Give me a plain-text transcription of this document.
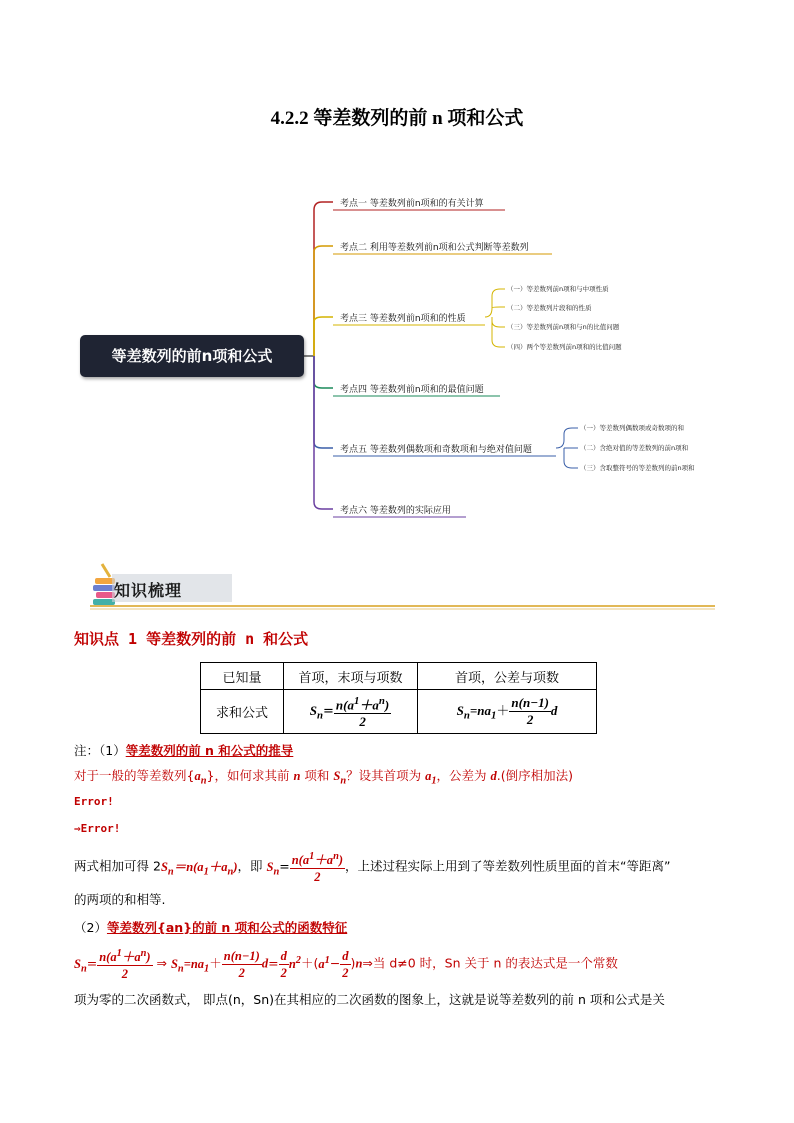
4.2.2 等差数列的前 n 项和公式
等差数列的前n项和公式
考点一 等差数列前n项和的有关计算
考点二 利用等差数列前n项和公式判断等差数列
考点三 等差数列前n项和的性质
考点四 等差数列前n项和的最值问题
考点五 等差数列偶数项和奇数项和与绝对值问题
考点六 等差数列的实际应用
（一）等差数列前n项和与中项性质
（二）等差数列片段和的性质
（三）等差数列前n项和与n的比值问题
（四）两个等差数列前n项和的比值问题
（一）等差数列偶数项或奇数项的和
（二）含绝对值的等差数列的前n项和
（三）含取整符号的等差数列的前n项和
知识梳理
知识点 1 等差数列的前 n 和公式
已知量	首项，末项与项数	首项，公差与项数
求和公式	$S_n= \frac{n(a^1+a^n)}{2}$	$S_n=na_1+ \frac{n(n-1)}{2}$ d
注：（1）等差数列的前 n 和公式的推导
对于一般的等差数列$\{a_n\}$，如何求其前 n 项和 $S_n$？设其首项为 $a_1$，公差为 d.(倒序相加法)
Error!
⇒Error!
两式相加可得 $2S_n=n(a_1+a_n)$，即 $S_n= \frac{n(a^1+a^n)}{2}$ ，上述过程实际上用到了等差数列性质里面的首末“等距离”
的两项的和相等.
（2）等差数列{an}的前 n 项和公式的函数特征
$S_n= \frac{n(a^1+a^n)}{2}$ ⇒ $S_n=na_1+ \frac{n(n-1)}{2} d= \frac{d}{2} n^2+(a^1- \frac{d}{2}$ )n⇒当 d≠0 时，Sn 关于 n 的表达式是一个常数
项为零的二次函数式， 即点(n，Sn)在其相应的二次函数的图象上，这就是说等差数列的前 n 项和公式是关
